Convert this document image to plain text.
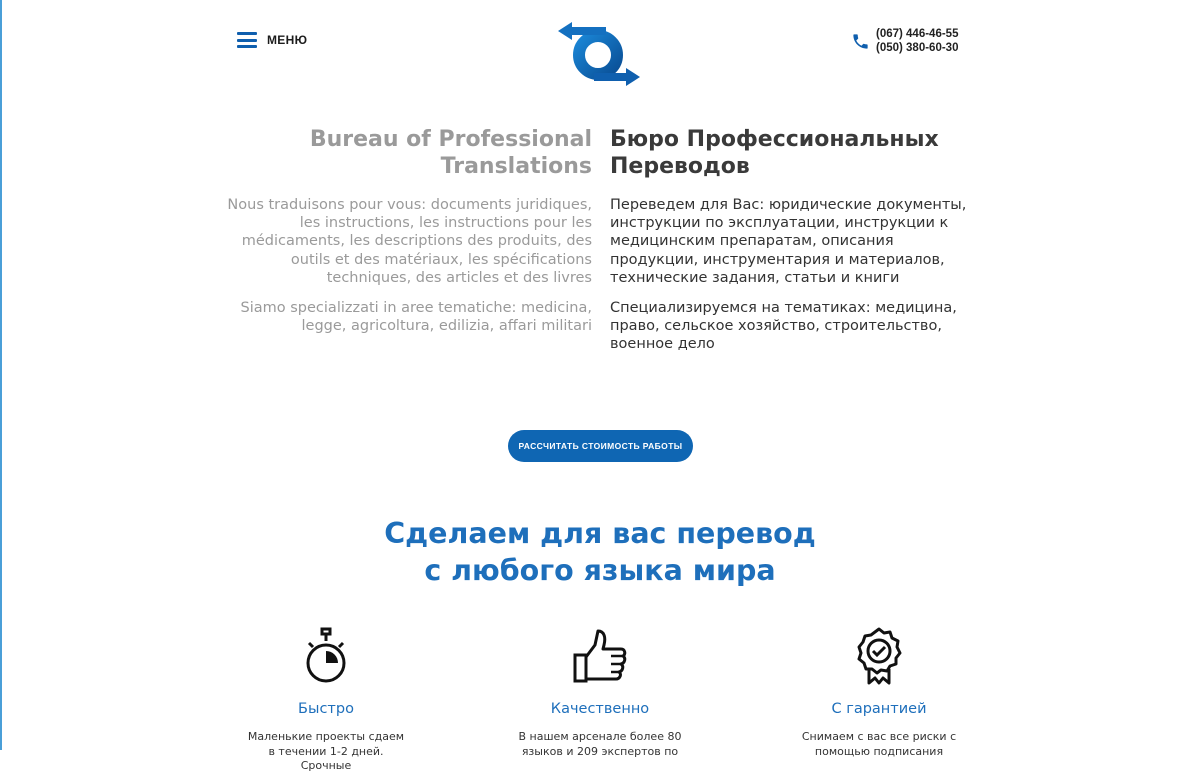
МЕНЮ	(067) 446-46-55
(050) 380-60-30
Bureau of Professional Translations

Nous traduisons pour vous: documents juridiques, les instructions, les instructions pour les médicaments, les descriptions des produits, des outils et des matériaux, les spécifications techniques, des articles et des livres

Siamo specializzati in aree tematiche: medicina, legge, agricoltura, edilizia, affari militari

Бюро Профессиональных Переводов

Переведем для Вас: юридические документы, инструкции по эксплуатации, инструкции к медицинским препаратам, описания продукции, инструментария и материалов, технические задания, статьи и книги

Специализируемся на тематиках: медицина, право, сельское хозяйство, строительство, военное дело

РАССЧИТАТЬ СТОИМОСТЬ РАБОТЫ
Сделаем для вас перевод
с любого языка мира
Быстро

Маленькие проекты сдаем в течении 1-2 дней. Срочные

Качественно

В нашем арсенале более 80 языков и 209 экспертов по

С гарантией

Снимаем с вас все риски с помощью подписания
